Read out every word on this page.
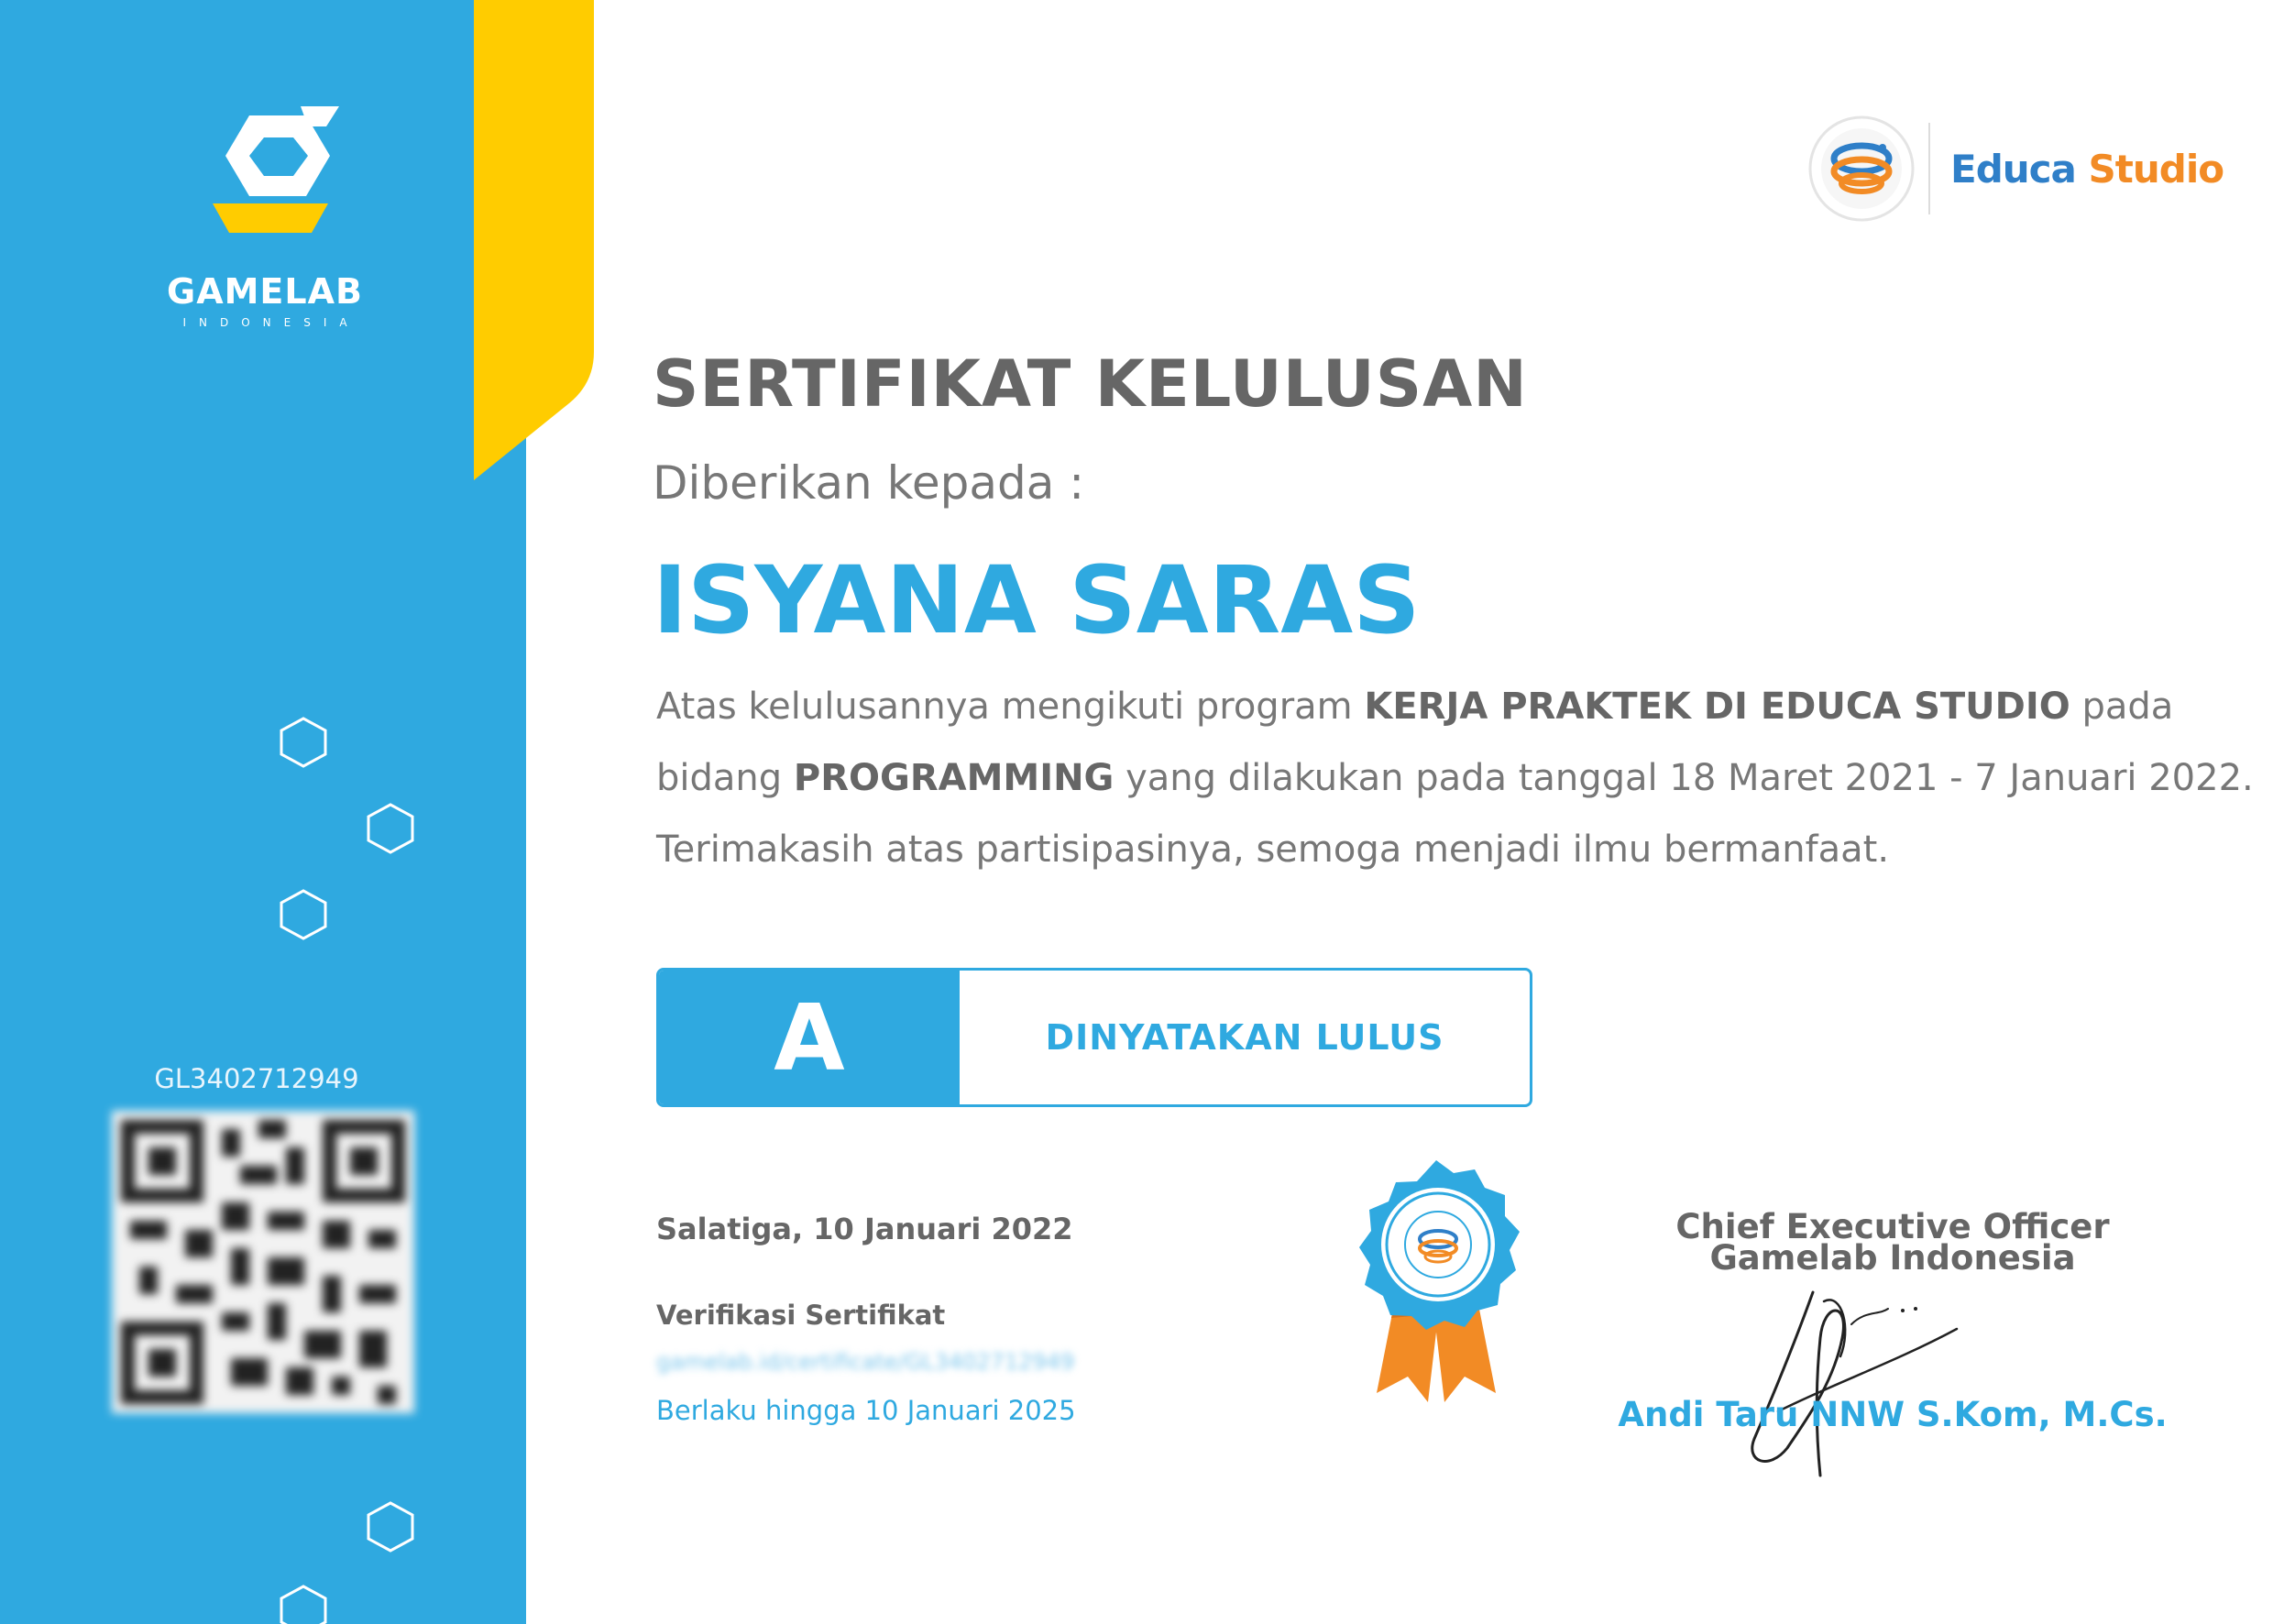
GAMELAB
INDONESIA
GL3402712949
Educa Studio
SERTIFIKAT KELULUSAN
Diberikan kepada :
ISYANA SARAS
Atas kelulusannya mengikuti program KERJA PRAKTEK DI EDUCA STUDIO pada bidang PROGRAMMING yang dilakukan pada tanggal 18 Maret 2021 - 7 Januari 2022. Terimakasih atas partisipasinya, semoga menjadi ilmu bermanfaat.
A	DINYATAKAN LULUS
Salatiga, 10 Januari 2022
Verifikasi Sertifikat
gamelab.id/certificate/GL3402712949
Berlaku hingga 10 Januari 2025
Chief Executive Officer
Gamelab Indonesia
Andi Taru NNW S.Kom, M.Cs.
